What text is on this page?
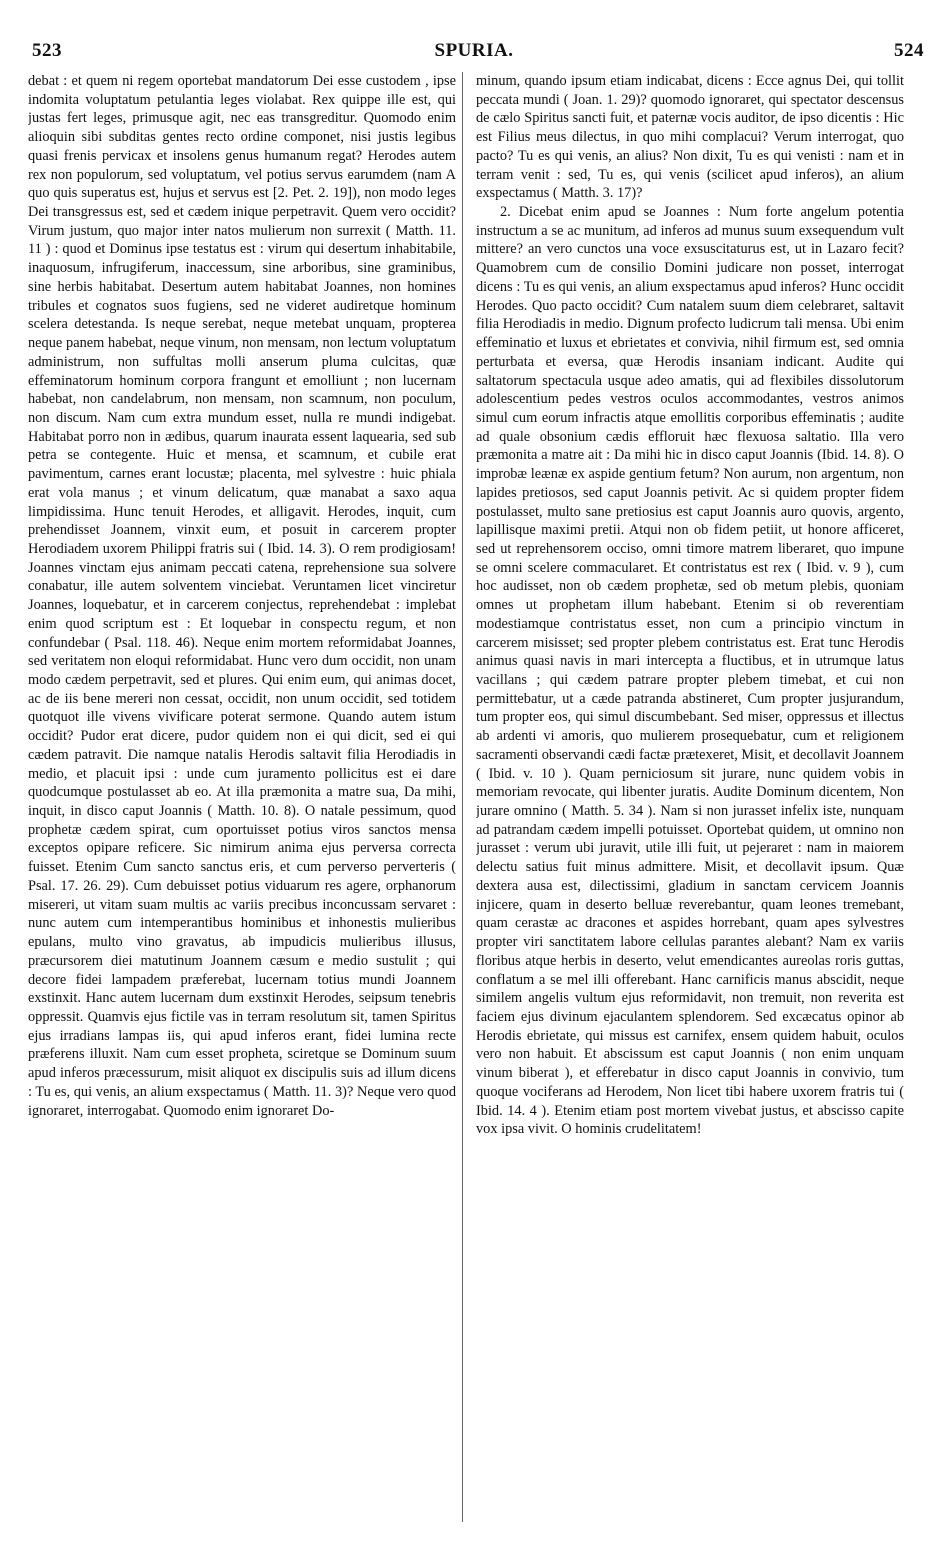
523	SPURIA.	524

debat : et quem ni regem oportebat mandatorum Dei esse custodem , ipse indomita voluptatum petulantia leges violabat. Rex quippe ille est, qui justas fert leges, primusque agit, nec eas transgreditur. Quomodo enim alioquin sibi subditas gentes recto ordine componet, nisi justis legibus quasi frenis pervicax et insolens genus humanum regat? Herodes autem rex non populorum, sed voluptatum, vel potius servus earumdem (nam A quo quis superatus est, hujus et servus est [2. Pet. 2. 19]), non modo leges Dei transgressus est, sed et cædem inique perpetravit. Quem vero occidit? Virum justum, quo major inter natos mulierum non surrexit ( Matth. 11. 11 ) : quod et Dominus ipse testatus est : virum qui desertum inhabitabile, inaquosum, infrugiferum, inaccessum, sine arboribus, sine graminibus, sine herbis habitabat. Desertum autem habitabat Joannes, non homines tribules et cognatos suos fugiens, sed ne videret audiretque hominum scelera detestanda. Is neque serebat, neque metebat unquam, propterea neque panem habebat, neque vinum, non mensam, non lectum voluptatum administrum, non suffultas molli anserum pluma culcitas, quæ effeminatorum hominum corpora frangunt et emolliunt ; non lucernam habebat, non candelabrum, non mensam, non scamnum, non poculum, non discum. Nam cum extra mundum esset, nulla re mundi indigebat. Habitabat porro non in ædibus, quarum inaurata essent laquearia, sed sub petra se contegente. Huic et mensa, et scamnum, et cubile erat pavimentum, carnes erant locustæ; placenta, mel sylvestre : huic phiala erat vola manus ; et vinum delicatum, quæ manabat a saxo aqua limpidissima. Hunc tenuit Herodes, et alligavit. Herodes, inquit, cum prehendisset Joannem, vinxit eum, et posuit in carcerem propter Herodiadem uxorem Philippi fratris sui ( Ibid. 14. 3). O rem prodigiosam! Joannes vinctam ejus animam peccati catena, reprehensione sua solvere conabatur, ille autem solventem vinciebat. Veruntamen licet vinciretur Joannes, loquebatur, et in carcerem conjectus, reprehendebat : implebat enim quod scriptum est : Et loquebar in conspectu regum, et non confundebar ( Psal. 118. 46). Neque enim mortem reformidabat Joannes, sed veritatem non eloqui reformidabat. Hunc vero dum occidit, non unam modo cædem perpetravit, sed et plures. Qui enim eum, qui animas docet, ac de iis bene mereri non cessat, occidit, non unum occidit, sed totidem quotquot ille vivens vivificare poterat sermone. Quando autem istum occidit? Pudor erat dicere, pudor quidem non ei qui dicit, sed ei qui cædem patravit. Die namque natalis Herodis saltavit filia Herodiadis in medio, et placuit ipsi : unde cum juramento pollicitus est ei dare quodcumque postulasset ab eo. At illa præmonita a matre sua, Da mihi, inquit, in disco caput Joannis ( Matth. 10. 8). O natale pessimum, quod prophetæ cædem spirat, cum oportuisset potius viros sanctos mensa exceptos opipare reficere. Sic nimirum anima ejus perversa correcta fuisset. Etenim Cum sancto sanctus eris, et cum perverso perverteris ( Psal. 17. 26. 29). Cum debuisset potius viduarum res agere, orphanorum misereri, ut vitam suam multis ac variis precibus inconcussam servaret : nunc autem cum intemperantibus hominibus et inhonestis mulieribus epulans, multo vino gravatus, ab impudicis mulieribus illusus, præcursorem diei matutinum Joannem cæsum e medio sustulit ; qui decore fidei lampadem præferebat, lucernam totius mundi Joannem exstinxit. Hanc autem lucernam dum exstinxit Herodes, seipsum tenebris oppressit. Quamvis ejus fictile vas in terram resolutum sit, tamen Spiritus ejus irradians lampas iis, qui apud inferos erant, fidei lumina recte præferens illuxit. Nam cum esset propheta, sciretque se Dominum suum apud inferos præcessurum, misit aliquot ex discipulis suis ad illum dicens : Tu es, qui venis, an alium exspectamus ( Matth. 11. 3)? Neque vero quod ignoraret, interrogabat. Quomodo enim ignoraret Do-

minum, quando ipsum etiam indicabat, dicens : Ecce agnus Dei, qui tollit peccata mundi ( Joan. 1. 29)? quomodo ignoraret, qui spectator descensus de cælo Spiritus sancti fuit, et paternæ vocis auditor, de ipso dicentis : Hic est Filius meus dilectus, in quo mihi complacui? Verum interrogat, quo pacto? Tu es qui venis, an alius? Non dixit, Tu es qui venisti : nam et in terram venit : sed, Tu es, qui venis (scilicet apud inferos), an alium exspectamus ( Matth. 3. 17)?

2. Dicebat enim apud se Joannes : Num forte angelum potentia instructum a se ac munitum, ad inferos ad munus suum exsequendum vult mittere? an vero cunctos una voce exsuscitaturus est, ut in Lazaro fecit? Quamobrem cum de consilio Domini judicare non posset, interrogat dicens : Tu es qui venis, an alium exspectamus apud inferos? Hunc occidit Herodes. Quo pacto occidit? Cum natalem suum diem celebraret, saltavit filia Herodiadis in medio. Dignum profecto ludicrum tali mensa. Ubi enim effeminatio et luxus et ebrietates et convivia, nihil firmum est, sed omnia perturbata et eversa, quæ Herodis insaniam indicant. Audite qui saltatorum spectacula usque adeo amatis, qui ad flexibiles dissolutorum adolescentium pedes vestros oculos accommodantes, vestros animos simul cum eorum infractis atque emollitis corporibus effeminatis ; audite ad quale obsonium cædis effloruit hæc flexuosa saltatio. Illa vero præmonita a matre ait : Da mihi hic in disco caput Joannis (Ibid. 14. 8). O improbæ leænæ ex aspide gentium fetum? Non aurum, non argentum, non lapides pretiosos, sed caput Joannis petivit. Ac si quidem propter fidem postulasset, multo sane pretiosius est caput Joannis auro quovis, argento, lapillisque maximi pretii. Atqui non ob fidem petiit, ut honore afficeret, sed ut reprehensorem occiso, omni timore matrem liberaret, quo impune se omni scelere commacularet. Et contristatus est rex ( Ibid. v. 9 ), cum hoc audisset, non ob cædem prophetæ, sed ob metum plebis, quoniam omnes ut prophetam illum habebant. Etenim si ob reverentiam modestiamque contristatus esset, non cum a principio vinctum in carcerem misisset; sed propter plebem contristatus est. Erat tunc Herodis animus quasi navis in mari intercepta a fluctibus, et in utrumque latus vacillans ; qui cædem patrare propter plebem timebat, et cui non permittebatur, ut a cæde patranda abstineret, Cum propter jusjurandum, tum propter eos, qui simul discumbebant. Sed miser, oppressus et illectus ab ardenti vi amoris, quo mulierem prosequebatur, cum et religionem sacramenti observandi cædi factæ prætexeret, Misit, et decollavit Joannem ( Ibid. v. 10 ). Quam perniciosum sit jurare, nunc quidem vobis in memoriam revocate, qui libenter juratis. Audite Dominum dicentem, Non jurare omnino ( Matth. 5. 34 ). Nam si non jurasset infelix iste, nunquam ad patrandam cædem impelli potuisset. Oportebat quidem, ut omnino non jurasset : verum ubi juravit, utile illi fuit, ut pejeraret : nam in maiorem delectu satius fuit minus admittere. Misit, et decollavit ipsum. Quæ dextera ausa est, dilectissimi, gladium in sanctam cervicem Joannis injicere, quam in deserto belluæ reverebantur, quam leones tremebant, quam cerastæ ac dracones et aspides horrebant, quam apes sylvestres propter viri sanctitatem labore cellulas parantes alebant? Nam ex variis floribus atque herbis in deserto, velut emendicantes aureolas roris guttas, conflatum a se mel illi offerebant. Hanc carnificis manus abscidit, neque similem angelis vultum ejus reformidavit, non tremuit, non reverita est faciem ejus divinum ejaculantem splendorem. Sed excæcatus opinor ab Herodis ebrietate, qui missus est carnifex, ensem quidem habuit, oculos vero non habuit. Et abscissum est caput Joannis ( non enim unquam vinum biberat ), et efferebatur in disco caput Joannis in convivio, tum quoque vociferans ad Herodem, Non licet tibi habere uxorem fratris tui ( Ibid. 14. 4 ). Etenim etiam post mortem vivebat justus, et abscisso capite vox ipsa vivit. O hominis crudelitatem!
